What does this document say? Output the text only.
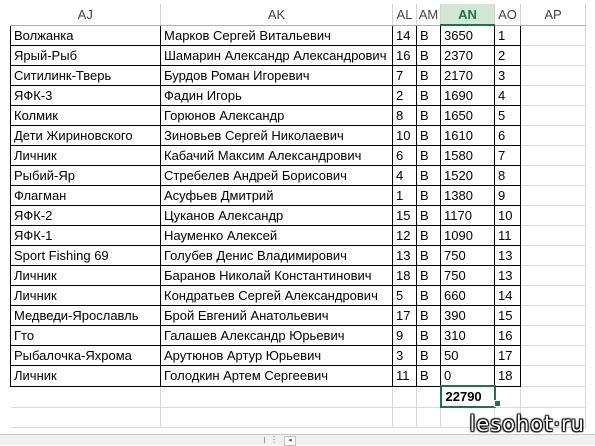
AJ	AK	AL	AM	AN	AO	AP
Волжанка	Марков Сергей Витальевич	14	B	3650	1	
Ярый-Рыб	Шамарин Александр Александрович	16	B	2370	2	
Ситилинк-Тверь	Бурдов Роман Игоревич	7	B	2170	3	
ЯФК-3	Фадин Игорь	2	B	1690	4	
Колмик	Горюнов Александр	8	B	1650	5	
Дети Жириновского	Зиновьев Сергей Николаевич	10	B	1610	6	
Личник	Кабачий Максим Александрович	6	B	1580	7	
Рыбий-Яр	Стребелев Андрей Борисович	4	B	1520	8	
Флагман	Асуфьев Дмитрий	1	B	1380	9	
ЯФК-2	Цуканов Александр	15	B	1170	10	
ЯФК-1	Науменко Алексей	12	B	1090	11	
Sport Fishing 69	Голубев Денис Владимирович	13	B	750	13	
Личник	Баранов Николай Константинович	18	B	750	13	
Личник	Кондратьев Сергей Александрович	5	B	660	14	
Медведи-Ярославль	Брой Евгений Анатольевич	17	B	390	15	
Гто	Галашев Александр Юрьевич	9	B	310	16	
Рыбалочка-Яхрома	Арутюнов Артур Юрьевич	3	B	50	17	
Личник	Голодкин Артем Сергеевич	11	B	0	18	
				22790		

⋮	◂
lesohot·ru
